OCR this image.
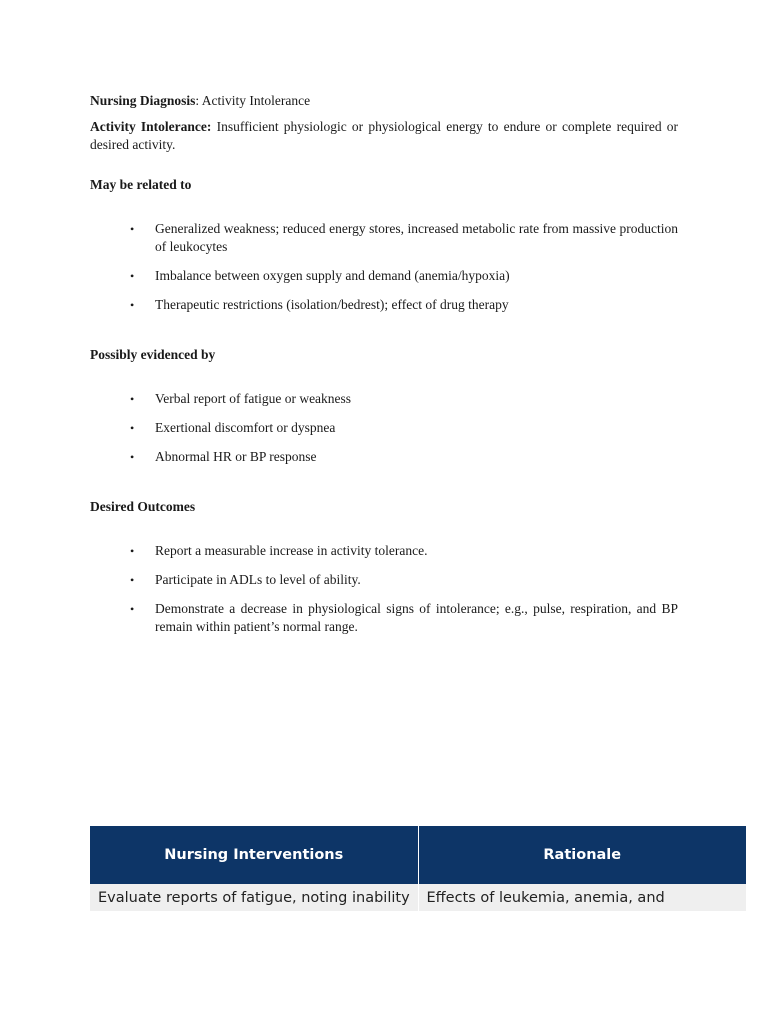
Nursing Diagnosis: Activity Intolerance

Activity Intolerance: Insufficient physiologic or physiological energy to endure or complete required or desired activity.

May be related to

• Generalized weakness; reduced energy stores, increased metabolic rate from massive production of leukocytes
• Imbalance between oxygen supply and demand (anemia/hypoxia)
• Therapeutic restrictions (isolation/bedrest); effect of drug therapy

Possibly evidenced by

• Verbal report of fatigue or weakness
• Exertional discomfort or dyspnea
• Abnormal HR or BP response

Desired Outcomes

• Report a measurable increase in activity tolerance.
• Participate in ADLs to level of ability.
• Demonstrate a decrease in physiological signs of intolerance; e.g., pulse, respiration, and BP remain within patient’s normal range.
Nursing Interventions	Rationale
Evaluate reports of fatigue, noting inability	Effects of leukemia, anemia, and
